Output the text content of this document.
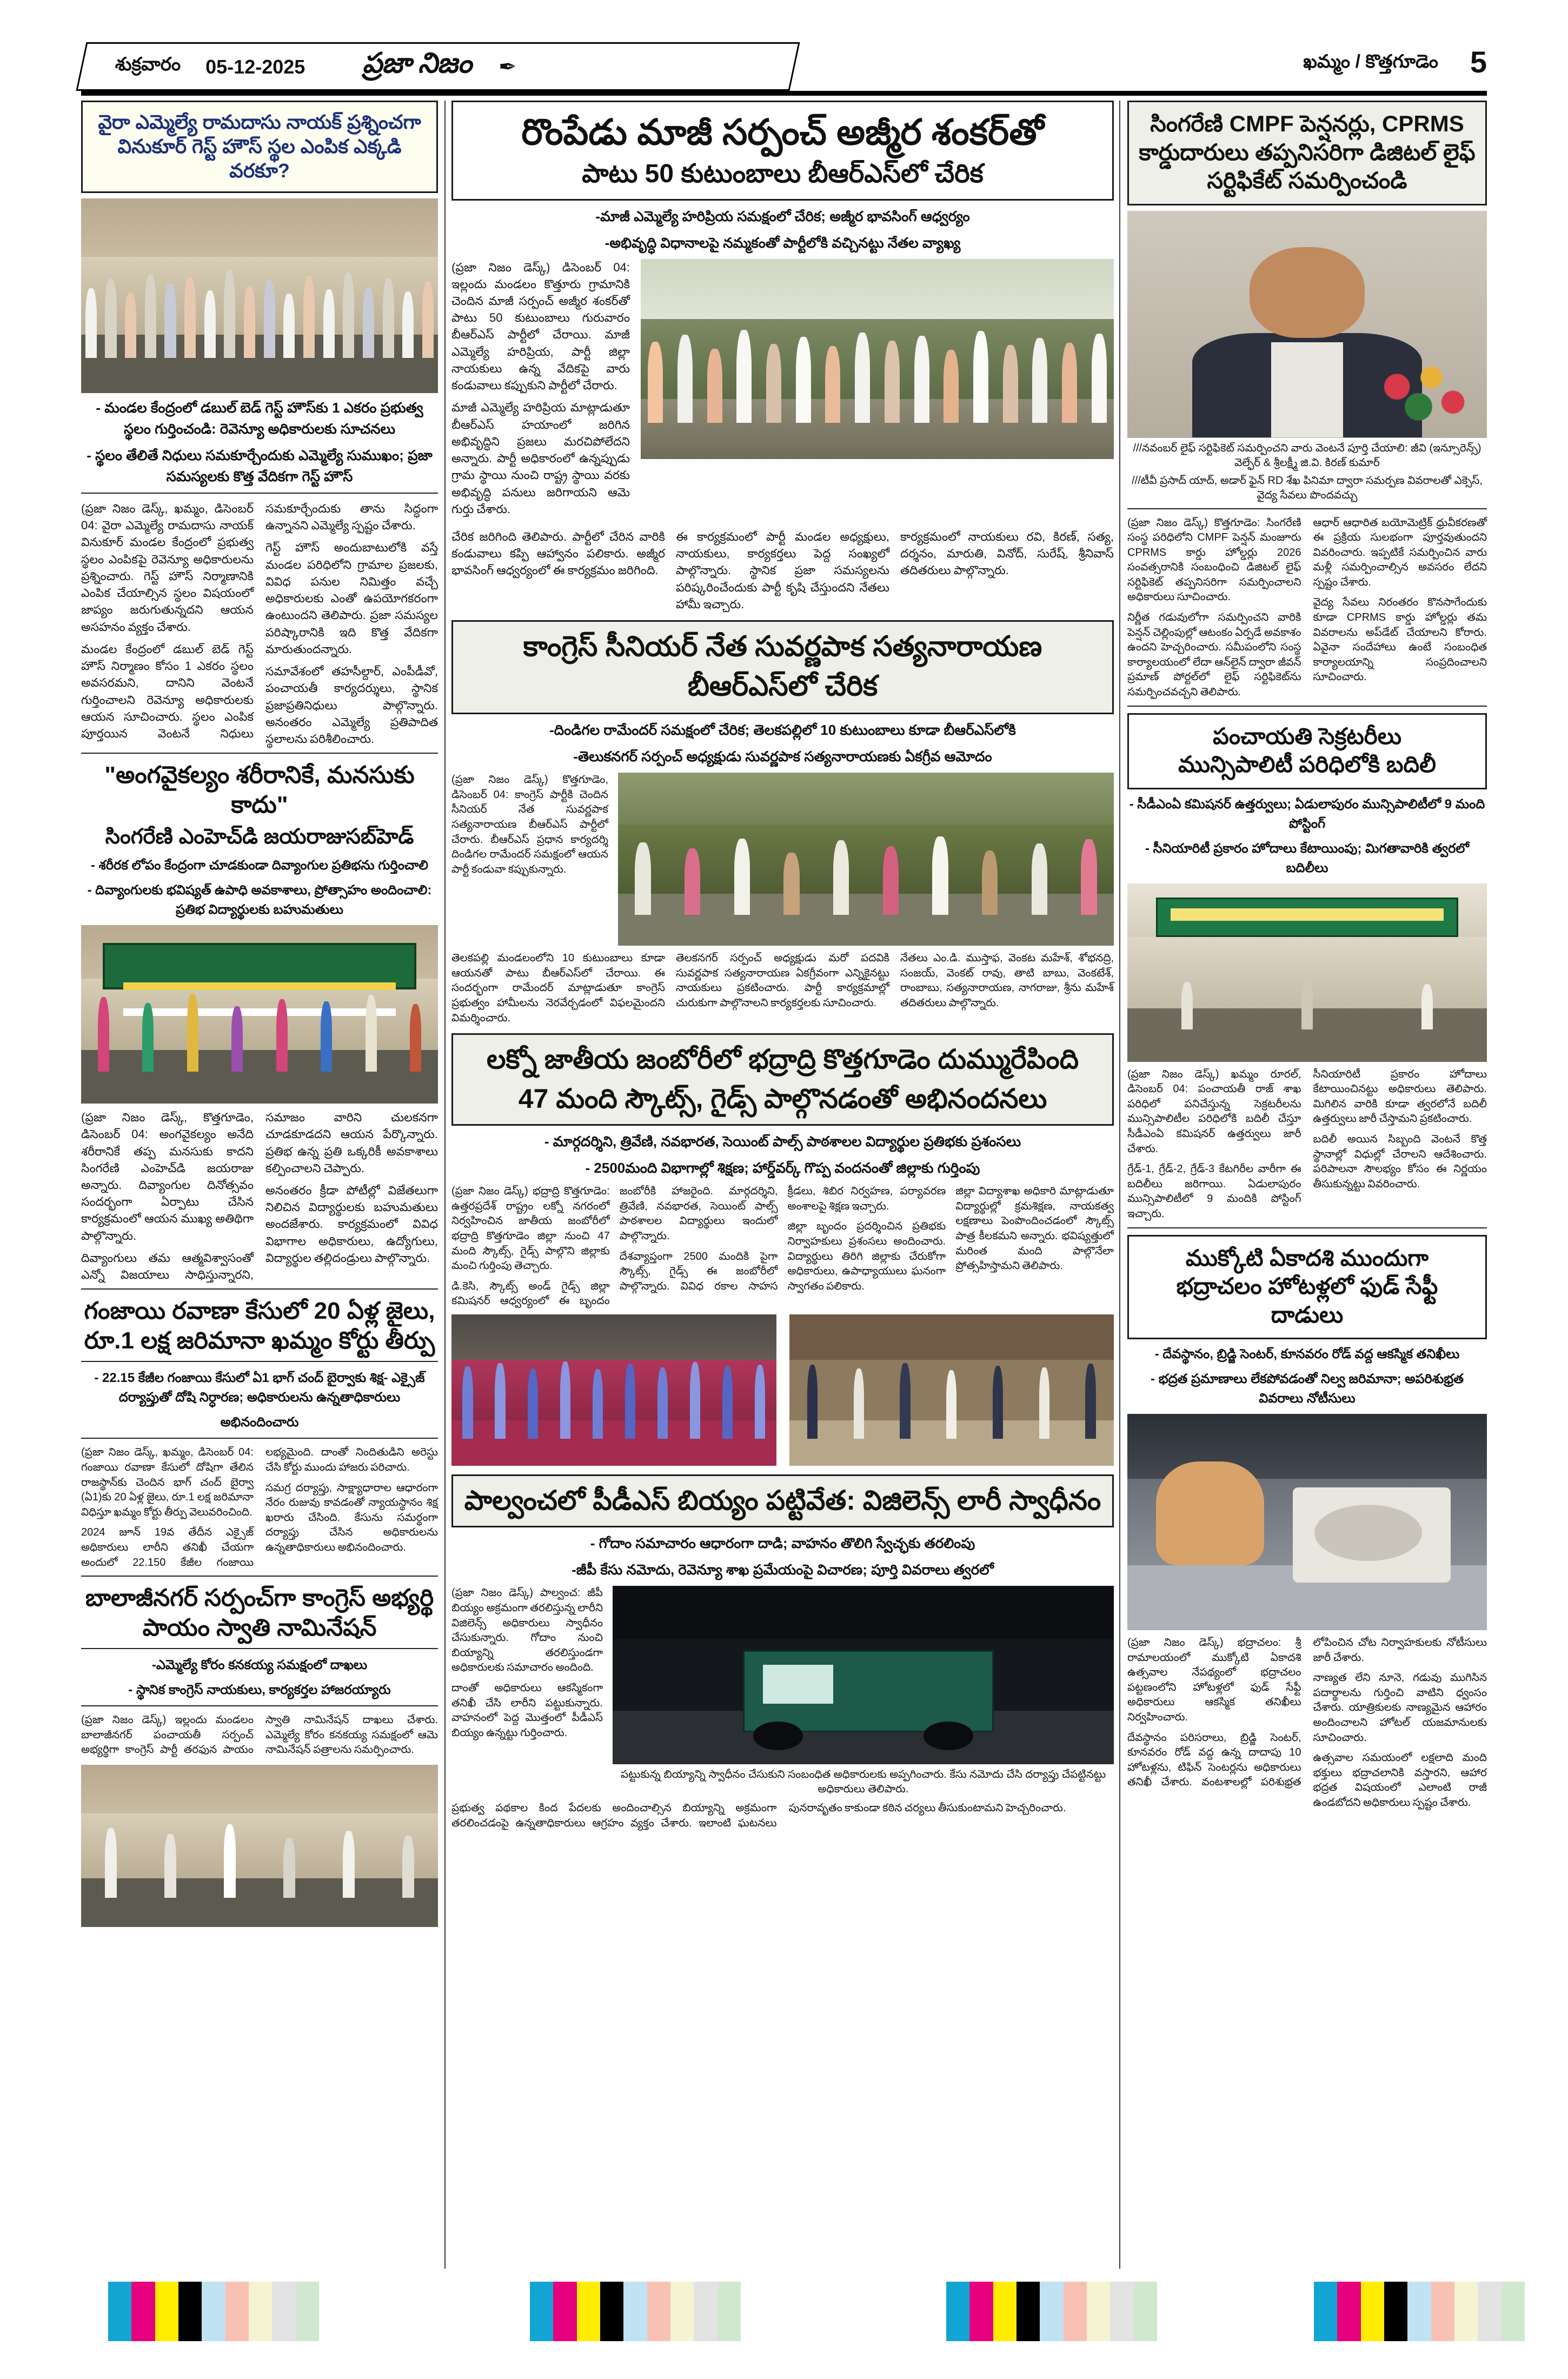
శుక్రవారం 05-12-2025 ప్రజా నిజం ✒	ఖమ్మం / కొత్తగూడెం 5
వైరా ఎమ్మెల్యే రామదాసు నాయక్ ప్రశ్నించగా
వినుకూర్ గెస్ట్ హౌస్ స్థల ఎంపిక ఎక్కడి వరకూ?
- మండల కేంద్రంలో డబుల్ బెడ్ గెస్ట్ హౌస్‌కు 1 ఎకరం ప్రభుత్వ స్థలం గుర్తించండి: రెవెన్యూ అధికారులకు సూచనలు
- స్థలం తేలితే నిధులు సమకూర్చేందుకు ఎమ్మెల్యే సుముఖం; ప్రజా సమస్యలకు కొత్త వేదికగా గెస్ట్ హౌస్

(ప్రజా నిజం డెస్క్, ఖమ్మం, డిసెంబర్ 04: వైరా ఎమ్మెల్యే రామదాసు నాయక్ వినుకూర్ మండల కేంద్రంలో ప్రభుత్వ స్థలం ఎంపికపై రెవెన్యూ అధికారులను ప్రశ్నించారు. గెస్ట్ హౌస్ నిర్మాణానికి ఎంపిక చేయాల్సిన స్థలం విషయంలో జాప్యం జరుగుతున్నదని ఆయన అసహనం వ్యక్తం చేశారు.

మండల కేంద్రంలో డబుల్ బెడ్ గెస్ట్ హౌస్ నిర్మాణం కోసం 1 ఎకరం స్థలం అవసరమని, దానిని వెంటనే గుర్తించాలని రెవెన్యూ అధికారులకు ఆయన సూచించారు. స్థలం ఎంపిక పూర్తయిన వెంటనే నిధులు సమకూర్చేందుకు తాను సిద్ధంగా ఉన్నానని ఎమ్మెల్యే స్పష్టం చేశారు.

గెస్ట్ హౌస్ అందుబాటులోకి వస్తే మండల పరిధిలోని గ్రామాల ప్రజలకు, వివిధ పనుల నిమిత్తం వచ్చే అధికారులకు ఎంతో ఉపయోగకరంగా ఉంటుందని తెలిపారు. ప్రజా సమస్యల పరిష్కారానికి ఇది కొత్త వేదికగా మారుతుందన్నారు.

సమావేశంలో తహసీల్దార్, ఎంపీడీవో, పంచాయతీ కార్యదర్శులు, స్థానిక ప్రజాప్రతినిధులు పాల్గొన్నారు. అనంతరం ఎమ్మెల్యే ప్రతిపాదిత స్థలాలను పరిశీలించారు.

"అంగవైకల్యం శరీరానికే, మనసుకు కాదు"
సింగరేణి ఎంహెచ్‌డి జయరాజుసబ్‌హెడ్
- శరీరక లోపం కేంద్రంగా చూడకుండా దివ్యాంగుల ప్రతిభను గుర్తించాలి
- దివ్యాంగులకు భవిష్యత్ ఉపాధి అవకాశాలు, ప్రోత్సాహం అందించాలి: ప్రతిభ విద్యార్థులకు బహుమతులు

(ప్రజా నిజం డెస్క్, కొత్తగూడెం, డిసెంబర్ 04: అంగవైకల్యం అనేది శరీరానికే తప్ప మనసుకు కాదని సింగరేణి ఎంహెచ్‌డి జయరాజు అన్నారు. దివ్యాంగుల దినోత్సవం సందర్భంగా ఏర్పాటు చేసిన కార్యక్రమంలో ఆయన ముఖ్య అతిథిగా పాల్గొన్నారు.

దివ్యాంగులు తమ ఆత్మవిశ్వాసంతో ఎన్నో విజయాలు సాధిస్తున్నారని, సమాజం వారిని చులకనగా చూడకూడదని ఆయన పేర్కొన్నారు. ప్రతిభ ఉన్న ప్రతి ఒక్కరికీ అవకాశాలు కల్పించాలని చెప్పారు.

అనంతరం క్రీడా పోటీల్లో విజేతలుగా నిలిచిన విద్యార్థులకు బహుమతులు అందజేశారు. కార్యక్రమంలో వివిధ విభాగాల అధికారులు, ఉద్యోగులు, విద్యార్థుల తల్లిదండ్రులు పాల్గొన్నారు.

గంజాయి రవాణా కేసులో 20 ఏళ్ల జైలు,
రూ.1 లక్ష జరిమానా ఖమ్మం కోర్టు తీర్పు
- 22.15 కేజీల గంజాయి కేసులో ఏ1 భాగ్ చంద్ బైర్వాకు శిక్ష- ఎక్సైజ్ దర్యాప్తుతో దోషి నిర్ధారణ; అధికారులను ఉన్నతాధికారులు
అభినందించారు

(ప్రజా నిజం డెస్క్, ఖమ్మం, డిసెంబర్ 04: గంజాయి రవాణా కేసులో దోషిగా తేలిన రాజస్థాన్‌కు చెందిన భాగ్ చంద్ బైర్వా (ఏ1)కు 20 ఏళ్ల జైలు, రూ.1 లక్ష జరిమానా విధిస్తూ ఖమ్మం కోర్టు తీర్పు వెలువరించింది.

2024 జూన్ 19వ తేదీన ఎక్సైజ్ అధికారులు లారీని తనిఖీ చేయగా అందులో 22.150 కేజీల గంజాయి లభ్యమైంది. దాంతో నిందితుడిని అరెస్టు చేసి కోర్టు ముందు హాజరు పరిచారు.

సమగ్ర దర్యాప్తు, సాక్ష్యాధారాల ఆధారంగా నేరం రుజువు కావడంతో న్యాయస్థానం శిక్ష ఖరారు చేసింది. కేసును సమర్థంగా దర్యాప్తు చేసిన అధికారులను ఉన్నతాధికారులు అభినందించారు.

బాలాజీనగర్ సర్పంచ్‌గా కాంగ్రెస్ అభ్యర్థి
పాయం స్వాతి నామినేషన్
-ఎమ్మెల్యే కోరం కనకయ్య సమక్షంలో దాఖలు
- స్థానిక కాంగ్రెస్ నాయకులు, కార్యకర్తల హాజరయ్యారు

(ప్రజా నిజం డెస్క్) ఇల్లందు మండలం బాలాజీనగర్ పంచాయతీ సర్పంచ్ అభ్యర్థిగా కాంగ్రెస్ పార్టీ తరఫున పాయం స్వాతి నామినేషన్ దాఖలు చేశారు. ఎమ్మెల్యే కోరం కనకయ్య సమక్షంలో ఆమె నామినేషన్ పత్రాలను సమర్పించారు.

రొంపేడు మాజీ సర్పంచ్ అజ్మీర శంకర్‌తో
పాటు 50 కుటుంబాలు బీఆర్ఎస్‌లో చేరిక
-మాజీ ఎమ్మెల్యే హరిప్రియ సమక్షంలో చేరిక; అజ్మీర భావసింగ్ ఆధ్వర్యం
-అభివృద్ధి విధానాలపై నమ్మకంతో పార్టీలోకి వచ్చినట్టు నేతల వ్యాఖ్య

(ప్రజా నిజం డెస్క్) డిసెంబర్ 04: ఇల్లందు మండలం కొత్తూరు గ్రామానికి చెందిన మాజీ సర్పంచ్ అజ్మీర శంకర్‌తో పాటు 50 కుటుంబాలు గురువారం బీఆర్ఎస్ పార్టీలో చేరాయి. మాజీ ఎమ్మెల్యే హరిప్రియ, పార్టీ జిల్లా నాయకులు ఉన్న వేదికపై వారు కండువాలు కప్పుకుని పార్టీలో చేరారు.

మాజీ ఎమ్మెల్యే హరిప్రియ మాట్లాడుతూ బీఆర్ఎస్ హయాంలో జరిగిన అభివృద్ధిని ప్రజలు మరచిపోలేదని అన్నారు. పార్టీ అధికారంలో ఉన్నప్పుడు గ్రామ స్థాయి నుంచి రాష్ట్ర స్థాయి వరకు అభివృద్ధి పనులు జరిగాయని ఆమె గుర్తు చేశారు.

చేరిక జరిగింది తెలిపారు. పార్టీలో చేరిన వారికి కండువాలు కప్పి ఆహ్వానం పలికారు. అజ్మీర భావసింగ్ ఆధ్వర్యంలో ఈ కార్యక్రమం జరిగింది.

ఈ కార్యక్రమంలో పార్టీ మండల అధ్యక్షులు, నాయకులు, కార్యకర్తలు పెద్ద సంఖ్యలో పాల్గొన్నారు. స్థానిక ప్రజా సమస్యలను పరిష్కరించేందుకు పార్టీ కృషి చేస్తుందని నేతలు హామీ ఇచ్చారు.

కార్యక్రమంలో నాయకులు రవి, కిరణ్, సత్య, దర్శనం, మారుతి, వినోద్, సురేష్, శ్రీనివాస్ తదితరులు పాల్గొన్నారు.

కాంగ్రెస్ సీనియర్ నేత సువర్ణపాక సత్యనారాయణ
బీఆర్ఎస్‌లో చేరిక
-దిండిగల రామేందర్ సమక్షంలో చేరిక; తెలకపల్లిలో 10 కుటుంబాలు కూడా బీఆర్ఎస్‌లోకి
-తెలుకనగర్ సర్పంచ్ అధ్యక్షుడు సువర్ణపాక సత్యనారాయణకు ఏకగ్రీవ ఆమోదం

(ప్రజా నిజం డెస్క్) కొత్తగూడెం, డిసెంబర్ 04: కాంగ్రెస్ పార్టీకి చెందిన సీనియర్ నేత సువర్ణపాక సత్యనారాయణ బీఆర్ఎస్ పార్టీలో చేరారు. బీఆర్ఎస్ ప్రధాన కార్యదర్శి దిండిగల రామేందర్ సమక్షంలో ఆయన పార్టీ కండువా కప్పుకున్నారు.

తెలకపల్లి మండలంలోని 10 కుటుంబాలు కూడా ఆయనతో పాటు బీఆర్ఎస్‌లో చేరాయి. ఈ సందర్భంగా రామేందర్ మాట్లాడుతూ కాంగ్రెస్ ప్రభుత్వం హామీలను నెరవేర్చడంలో విఫలమైందని విమర్శించారు.

తెలకనగర్ సర్పంచ్ అధ్యక్షుడు మరో పదవికి సువర్ణపాక సత్యనారాయణ ఏకగ్రీవంగా ఎన్నికైనట్టు నాయకులు ప్రకటించారు. పార్టీ కార్యక్రమాల్లో చురుకుగా పాల్గొనాలని కార్యకర్తలకు సూచించారు.

నేతలు ఎం.డి. ముస్తాఫ, వెంకట మహేశ్, శోభనద్రి, సంజయ్, వెంకట్ రావు, తాటి బాబు, వెంకటేశ్, రాంబాబు, సత్యనారాయణ, నాగరాజు, శ్రీను మహేశ్ తదితరులు పాల్గొన్నారు.

లక్నో జాతీయ జంబోరీలో భద్రాద్రి కొత్తగూడెం దుమ్మురేపింది
47 మంది స్కౌట్స్, గైడ్స్ పాల్గొనడంతో అభినందనలు
- మార్గదర్శిని, త్రివేణి, నవభారత, సెయింట్ పాల్స్ పాఠశాలల విద్యార్థుల ప్రతిభకు ప్రశంసలు
- 2500మంది విభాగాల్లో శిక్షణ; హార్డ్‌వర్క్ గొప్ప వందనంతో జిల్లాకు గుర్తింపు

(ప్రజా నిజం డెస్క్) భద్రాద్రి కొత్తగూడెం: ఉత్తరప్రదేశ్ రాష్ట్రం లక్నో నగరంలో నిర్వహించిన జాతీయ జంబోరీలో భద్రాద్రి కొత్తగూడెం జిల్లా నుంచి 47 మంది స్కౌట్స్, గైడ్స్ పాల్గొని జిల్లాకు మంచి గుర్తింపు తెచ్చారు.

డి.కెసి, స్కౌట్స్ అండ్ గైడ్స్ జిల్లా కమిషనర్ ఆధ్వర్యంలో ఈ బృందం జంబోరీకి హాజరైంది. మార్గదర్శిని, త్రివేణి, నవభారత, సెయింట్ పాల్స్ పాఠశాలల విద్యార్థులు ఇందులో పాల్గొన్నారు.

దేశవ్యాప్తంగా 2500 మందికి పైగా స్కౌట్స్, గైడ్స్ ఈ జంబోరీలో పాల్గొన్నారు. వివిధ రకాల సాహస క్రీడలు, శిబిర నిర్వహణ, పర్యావరణ అంశాలపై శిక్షణ ఇచ్చారు.

జిల్లా బృందం ప్రదర్శించిన ప్రతిభకు నిర్వాహకులు ప్రశంసలు అందించారు. విద్యార్థులు తిరిగి జిల్లాకు చేరుకోగా అధికారులు, ఉపాధ్యాయులు ఘనంగా స్వాగతం పలికారు.

జిల్లా విద్యాశాఖ అధికారి మాట్లాడుతూ విద్యార్థుల్లో క్రమశిక్షణ, నాయకత్వ లక్షణాలు పెంపొందించడంలో స్కౌట్స్ పాత్ర కీలకమని అన్నారు. భవిష్యత్తులో మరింత మంది పాల్గొనేలా ప్రోత్సహిస్తామని తెలిపారు.

పాల్వంచలో పీడీఎస్ బియ్యం పట్టివేత: విజిలెన్స్ లారీ స్వాధీనం
- గోదాం సమాచారం ఆధారంగా దాడి; వాహనం తొలిగి స్వేచ్ఛకు తరలింపు
-జీపీ కేసు నమోదు, రెవెన్యూ శాఖ ప్రమేయంపై విచారణ; పూర్తి వివరాలు త్వరలో

(ప్రజా నిజం డెస్క్) పాల్వంచ: జీపీ బియ్యం అక్రమంగా తరలిస్తున్న లారీని విజిలెన్స్ అధికారులు స్వాధీనం చేసుకున్నారు. గోదాం నుంచి బియ్యాన్ని తరలిస్తుండగా అధికారులకు సమాచారం అందింది.

దాంతో అధికారులు ఆకస్మికంగా తనిఖీ చేసి లారీని పట్టుకున్నారు. వాహనంలో పెద్ద మొత్తంలో పీడీఎస్ బియ్యం ఉన్నట్టు గుర్తించారు.

పట్టుకున్న బియ్యాన్ని స్వాధీనం చేసుకుని సంబంధిత అధికారులకు అప్పగించారు. కేసు నమోదు చేసి దర్యాప్తు చేపట్టినట్టు అధికారులు తెలిపారు.

ప్రభుత్వ పథకాల కింద పేదలకు అందించాల్సిన బియ్యాన్ని అక్రమంగా తరలించడంపై ఉన్నతాధికారులు ఆగ్రహం వ్యక్తం చేశారు. ఇలాంటి ఘటనలు పునరావృతం కాకుండా కఠిన చర్యలు తీసుకుంటామని హెచ్చరించారు.

సింగరేణి CMPF పెన్షనర్లు, CPRMS
కార్డుదారులు తప్పనిసరిగా డిజిటల్ లైఫ్
సర్టిఫికేట్ సమర్పించండి
///నవంబర్ లైఫ్ సర్టిఫికెట్ సమర్పించని వారు వెంటనే పూర్తి చేయాలి: జీవి (ఇన్సూరెన్స్) వెల్ఫేర్ & శ్రీలక్ష్మీ జి.వి. కిరణ్ కుమార్
///టీవీ ప్రసాద్ యాద్, అడార్ ఫైన్ RD శేఖ పినిమా ద్వారా సమర్పణ వివరాలతో ఎక్సెస్, వైద్య సేవలు పొందవచ్చు

(ప్రజా నిజం డెస్క్) కొత్తగూడెం: సింగరేణి సంస్థ పరిధిలోని CMPF పెన్షన్ మంజూరు CPRMS కార్డు హోల్డర్లు 2026 సంవత్సరానికి సంబంధించి డిజిటల్ లైఫ్ సర్టిఫికెట్ తప్పనిసరిగా సమర్పించాలని అధికారులు సూచించారు.

నిర్ణీత గడువులోగా సమర్పించని వారికి పెన్షన్ చెల్లింపుల్లో ఆటంకం ఏర్పడే అవకాశం ఉందని హెచ్చరించారు. సమీపంలోని సంస్థ కార్యాలయంలో లేదా ఆన్‌లైన్ ద్వారా జీవన్ ప్రమాణ్ పోర్టల్‌లో లైఫ్ సర్టిఫికెట్‌ను సమర్పించవచ్చని తెలిపారు.

ఆధార్ ఆధారిత బయోమెట్రిక్ ధ్రువీకరణతో ఈ ప్రక్రియ సులభంగా పూర్తవుతుందని వివరించారు. ఇప్పటికే సమర్పించిన వారు మళ్లీ సమర్పించాల్సిన అవసరం లేదని స్పష్టం చేశారు.

వైద్య సేవలు నిరంతరం కొనసాగేందుకు కూడా CPRMS కార్డు హోల్డర్లు తమ వివరాలను అప్‌డేట్ చేయాలని కోరారు. ఏవైనా సందేహాలు ఉంటే సంబంధిత కార్యాలయాన్ని సంప్రదించాలని సూచించారు.

పంచాయతి సెక్రటరీలు
మున్సిపాలిటీ పరిధిలోకి బదిలీ
- సీడీఎంఏ కమిషనర్ ఉత్తర్వులు; ఏడులాపురం మున్సిపాలిటీలో 9 మంది పోస్టింగ్
- సీనియారిటీ ప్రకారం హోదాలు కేటాయింపు; మిగతావారికి త్వరలో బదిలీలు

(ప్రజా నిజం డెస్క్) ఖమ్మం రూరల్, డిసెంబర్ 04: పంచాయతీ రాజ్ శాఖ పరిధిలో పనిచేస్తున్న సెక్రటరీలను మున్సిపాలిటీల పరిధిలోకి బదిలీ చేస్తూ సీడీఎంఏ కమిషనర్ ఉత్తర్వులు జారీ చేశారు.

గ్రేడ్-1, గ్రేడ్-2, గ్రేడ్-3 కేటగిరీల వారీగా ఈ బదిలీలు జరిగాయి. ఏడులాపురం మున్సిపాలిటీలో 9 మందికి పోస్టింగ్ ఇచ్చారు.

సీనియారిటీ ప్రకారం హోదాలు కేటాయించినట్టు అధికారులు తెలిపారు. మిగిలిన వారికి కూడా త్వరలోనే బదిలీ ఉత్తర్వులు జారీ చేస్తామని ప్రకటించారు.

బదిలీ అయిన సిబ్బంది వెంటనే కొత్త స్థానాల్లో విధుల్లో చేరాలని ఆదేశించారు. పరిపాలనా సౌలభ్యం కోసం ఈ నిర్ణయం తీసుకున్నట్టు వివరించారు.

ముక్కోటి ఏకాదశి ముందుగా
భద్రాచలం హోటళ్లలో ఫుడ్ సేఫ్టీ
దాడులు
- దేవస్థానం, బ్రిడ్జి సెంటర్, కూనవరం రోడ్ వద్ద ఆకస్మిక తనిఖీలు
- భద్రత ప్రమాణాలు లేకపోవడంతో నిల్వ జరిమానా; అపరిశుభ్రత వివరాలు నోటీసులు

(ప్రజా నిజం డెస్క్) భద్రాచలం: శ్రీ రామాలయంలో ముక్కోటి ఏకాదశి ఉత్సవాల నేపథ్యంలో భద్రాచలం పట్టణంలోని హోటళ్లలో ఫుడ్ సేఫ్టీ అధికారులు ఆకస్మిక తనిఖీలు నిర్వహించారు.

దేవస్థానం పరిసరాలు, బ్రిడ్జి సెంటర్, కూనవరం రోడ్ వద్ద ఉన్న దాదాపు 10 హోటళ్లను, టిఫిన్ సెంటర్లను అధికారులు తనిఖీ చేశారు. వంటశాలల్లో పరిశుభ్రత లోపించిన చోట నిర్వాహకులకు నోటీసులు జారీ చేశారు.

నాణ్యత లేని నూనె, గడువు ముగిసిన పదార్థాలను గుర్తించి వాటిని ధ్వంసం చేశారు. యాత్రికులకు నాణ్యమైన ఆహారం అందించాలని హోటల్ యజమానులకు సూచించారు.

ఉత్సవాల సమయంలో లక్షలాది మంది భక్తులు భద్రాచలానికి వస్తారని, ఆహార భద్రత విషయంలో ఎలాంటి రాజీ ఉండబోదని అధికారులు స్పష్టం చేశారు.
